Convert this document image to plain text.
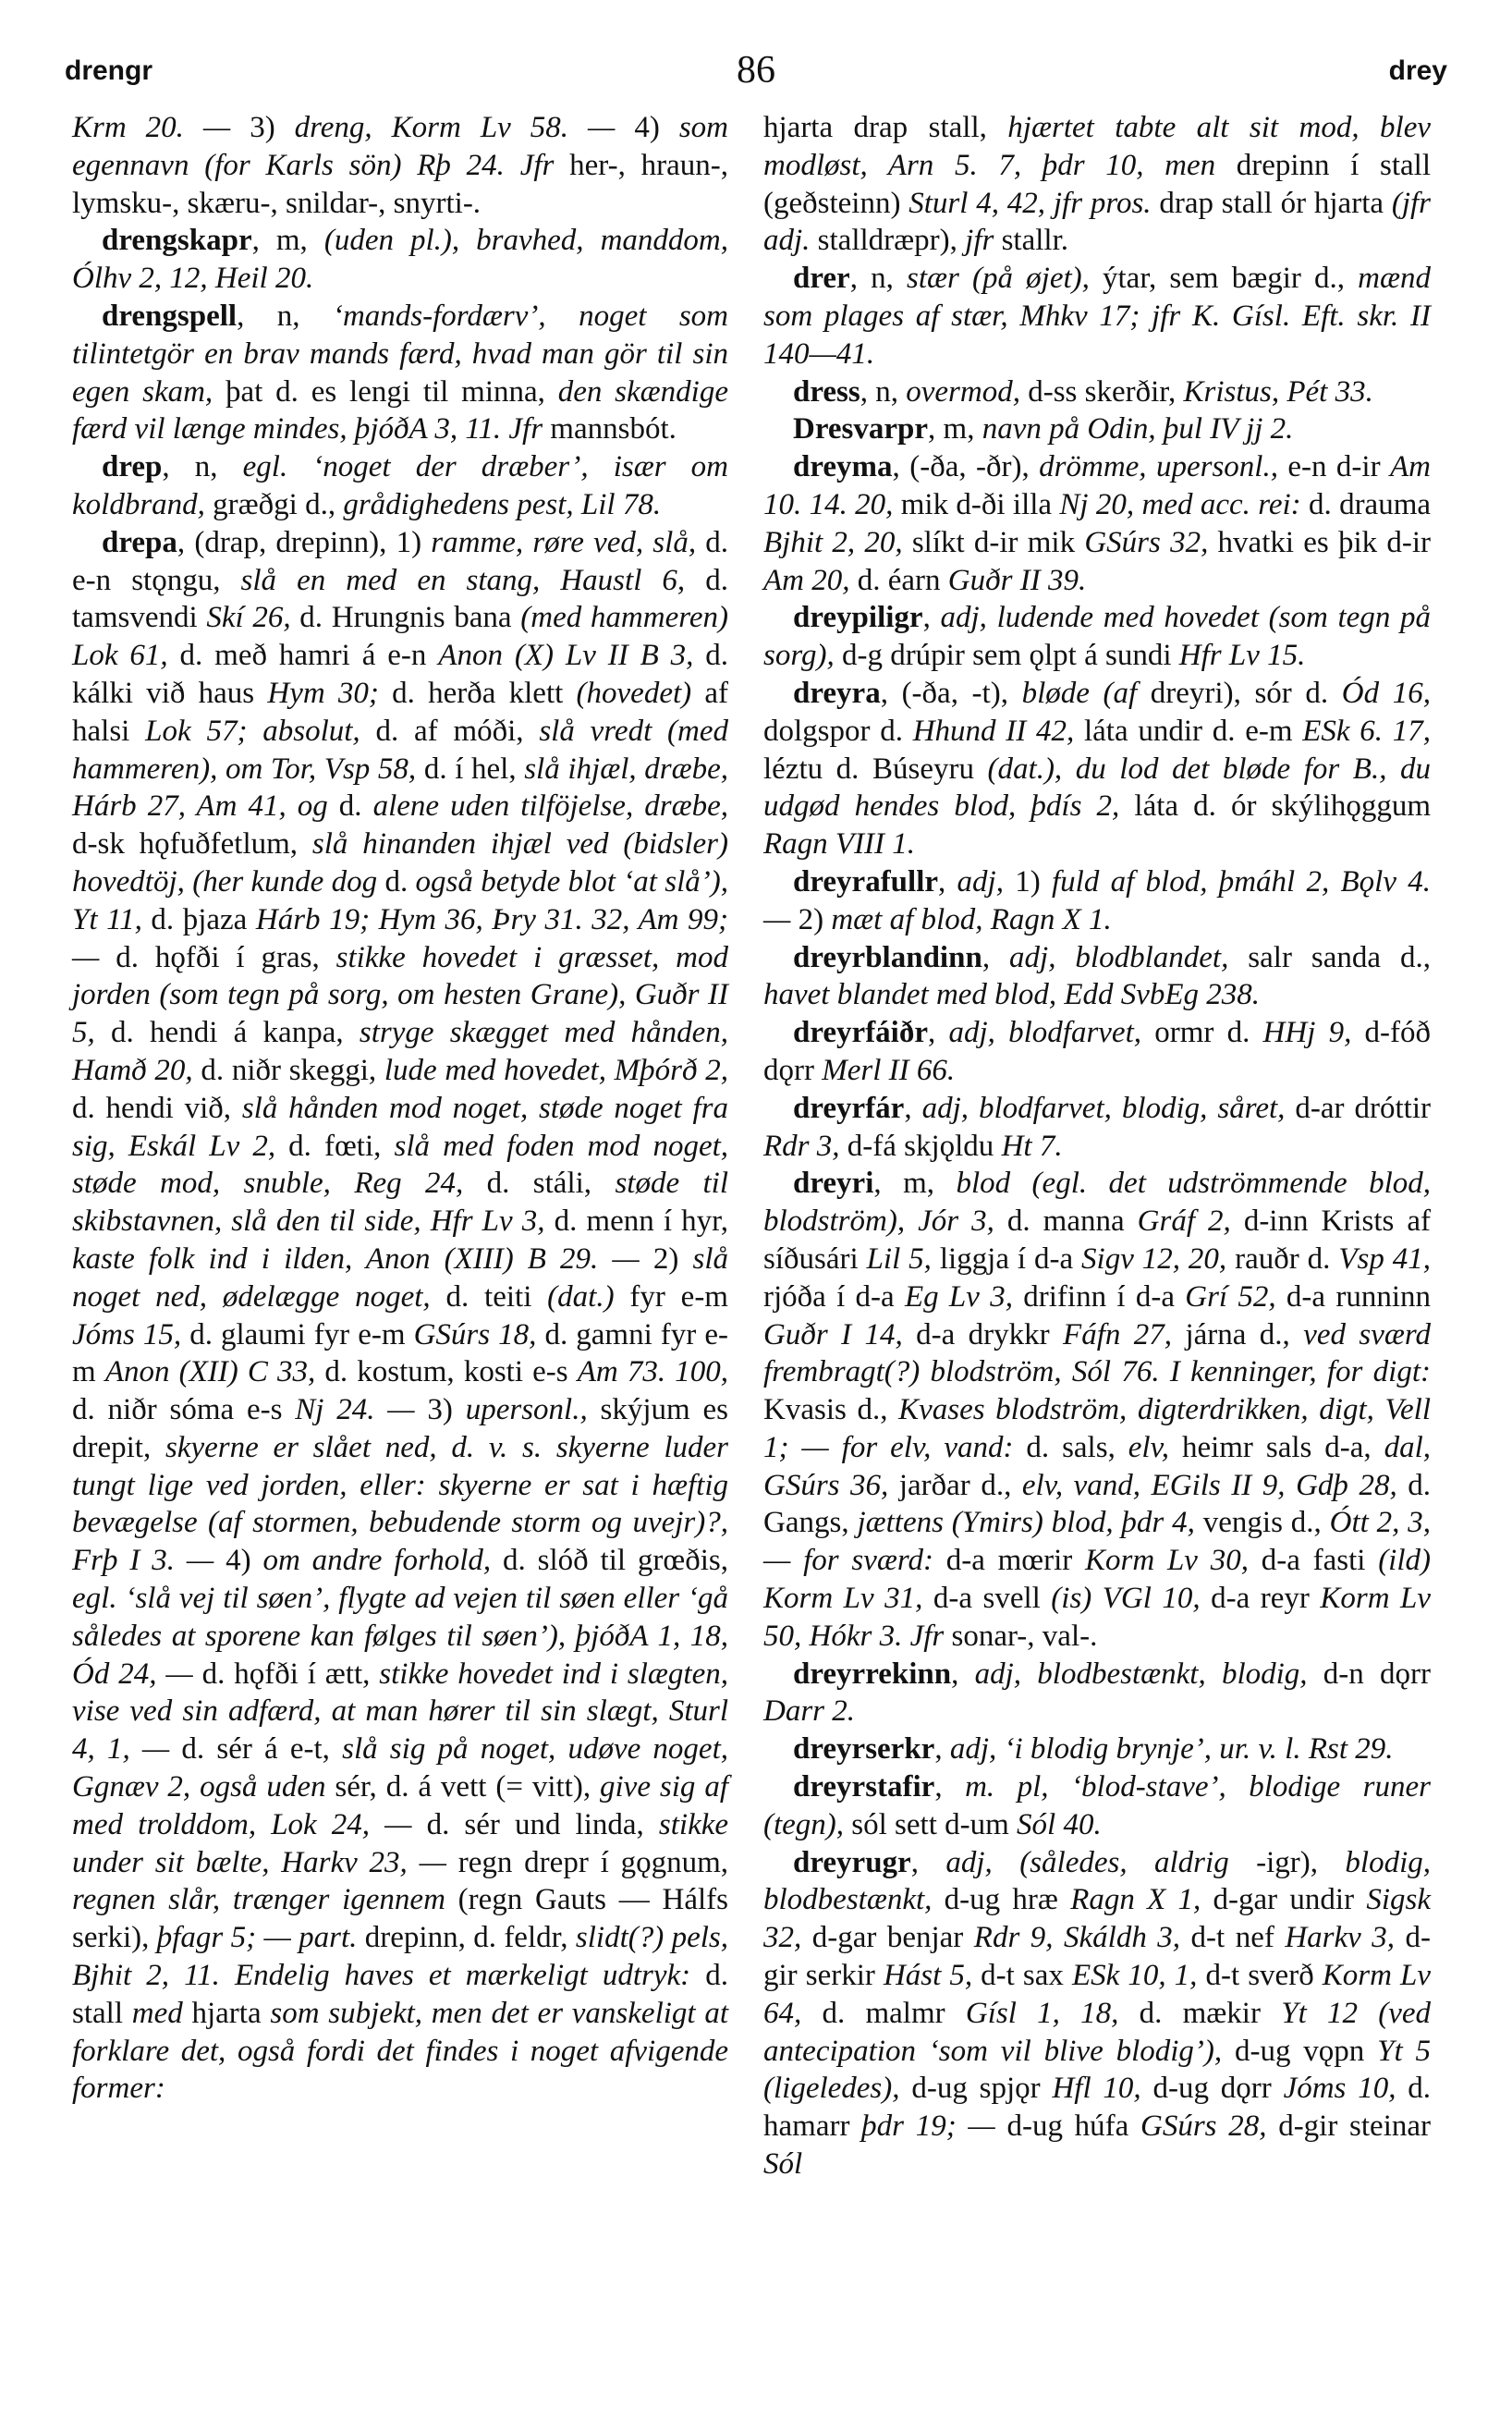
drengr	86	drey

Krm 20. — 3) dreng, Korm Lv 58. — 4) som egennavn (for Karls sön) Rþ 24. Jfr her-, hraun-, lymsku-, skæru-, snildar-, snyrti-.

drengskapr, m, (uden pl.), bravhed, manddom, Ólhv 2, 12, Heil 20.

drengspell, n, ‘mands-fordærv’, noget som tilintetgör en brav mands færd, hvad man gör til sin egen skam, þat d. es lengi til minna, den skændige færd vil længe mindes, þjóðA 3, 11. Jfr mannsbót.

drep, n, egl. ‘noget der dræber’, især om koldbrand, græðgi d., grådighedens pest, Lil 78.

drepa, (drap, drepinn), 1) ramme, røre ved, slå, d. e-n stǫngu, slå en med en stang, Haustl 6, d. tamsvendi Skí 26, d. Hrungnis bana (med hammeren) Lok 61, d. með hamri á e-n Anon (X) Lv II B 3, d. kálki við haus Hym 30; d. herða klett (hovedet) af halsi Lok 57; absolut, d. af móði, slå vredt (med hammeren), om Tor, Vsp 58, d. í hel, slå ihjæl, dræbe, Hárb 27, Am 41, og d. alene uden tilföjelse, dræbe, d-sk hǫfuðfetlum, slå hinanden ihjæl ved (bidsler) hovedtöj, (her kunde dog d. også betyde blot ‘at slå’), Yt 11, d. þjaza Hárb 19; Hym 36, Þry 31. 32, Am 99; — d. hǫfði í gras, stikke hovedet i græsset, mod jorden (som tegn på sorg, om hesten Grane), Guðr II 5, d. hendi á kanpa, stryge skægget med hånden, Hamð 20, d. niðr skeggi, lude med hovedet, Mþórð 2, d. hendi við, slå hånden mod noget, støde noget fra sig, Eskál Lv 2, d. fœti, slå med foden mod noget, støde mod, snuble, Reg 24, d. stáli, støde til skibstavnen, slå den til side, Hfr Lv 3, d. menn í hyr, kaste folk ind i ilden, Anon (XIII) B 29. — 2) slå noget ned, ødelægge noget, d. teiti (dat.) fyr e-m Jóms 15, d. glaumi fyr e-m GSúrs 18, d. gamni fyr e-m Anon (XII) C 33, d. kostum, kosti e-s Am 73. 100, d. niðr sóma e-s Nj 24. — 3) upersonl., skýjum es drepit, skyerne er slået ned, d. v. s. skyerne luder tungt lige ved jorden, eller: skyerne er sat i hæftig bevægelse (af stormen, bebudende storm og uvejr)?, Frþ I 3. — 4) om andre forhold, d. slóð til grœðis, egl. ‘slå vej til søen’, flygte ad vejen til søen eller ‘gå således at sporene kan følges til søen’), þjóðA 1, 18, Ód 24, — d. hǫfði í ætt, stikke hovedet ind i slægten, vise ved sin adfærd, at man hører til sin slægt, Sturl 4, 1, — d. sér á e-t, slå sig på noget, udøve noget, Ggnæv 2, også uden sér, d. á vett (= vitt), give sig af med trolddom, Lok 24, — d. sér und linda, stikke under sit bælte, Harkv 23, — regn drepr í gǫgnum, regnen slår, trænger igennem (regn Gauts — Hálfs serki), þfagr 5; — part. drepinn, d. feldr, slidt(?) pels, Bjhit 2, 11. Endelig haves et mærkeligt udtryk: d. stall med hjarta som subjekt, men det er vanskeligt at forklare det, også fordi det findes i noget afvigende former:

hjarta drap stall, hjærtet tabte alt sit mod, blev modløst, Arn 5. 7, þdr 10, men drepinn í stall (geðsteinn) Sturl 4, 42, jfr pros. drap stall ór hjarta (jfr adj. stalldræpr), jfr stallr.

drer, n, stær (på øjet), ýtar, sem bægir d., mænd som plages af stær, Mhkv 17; jfr K. Gísl. Eft. skr. II 140—41.

dress, n, overmod, d-ss skerðir, Kristus, Pét 33.

Dresvarpr, m, navn på Odin, þul IV jj 2.

dreyma, (-ða, -ðr), drömme, upersonl., e-n d-ir Am 10. 14. 20, mik d-ði illa Nj 20, med acc. rei: d. drauma Bjhit 2, 20, slíkt d-ir mik GSúrs 32, hvatki es þik d-ir Am 20, d. éarn Guðr II 39.

dreypiligr, adj, ludende med hovedet (som tegn på sorg), d-g drúpir sem ǫlpt á sundi Hfr Lv 15.

dreyra, (-ða, -t), bløde (af dreyri), sór d. Ód 16, dolgspor d. Hhund II 42, láta undir d. e-m ESk 6. 17, léztu d. Búseyru (dat.), du lod det bløde for B., du udgød hendes blod, þdís 2, láta d. ór skýlihǫggum Ragn VIII 1.

dreyrafullr, adj, 1) fuld af blod, þmáhl 2, Bǫlv 4. — 2) mæt af blod, Ragn X 1.

dreyrblandinn, adj, blodblandet, salr sanda d., havet blandet med blod, Edd SvbEg 238.

dreyrfáiðr, adj, blodfarvet, ormr d. HHj 9, d-fóð dǫrr Merl II 66.

dreyrfár, adj, blodfarvet, blodig, såret, d-ar dróttir Rdr 3, d-fá skjǫldu Ht 7.

dreyri, m, blod (egl. det udströmmende blod, blodström), Jór 3, d. manna Gráf 2, d-inn Krists af síðusári Lil 5, liggja í d-a Sigv 12, 20, rauðr d. Vsp 41, rjóða í d-a Eg Lv 3, drifinn í d-a Grí 52, d-a runninn Guðr I 14, d-a drykkr Fáfn 27, járna d., ved sværd frembragt(?) blodström, Sól 76. I kenninger, for digt: Kvasis d., Kvases blodström, digterdrikken, digt, Vell 1; — for elv, vand: d. sals, elv, heimr sals d-a, dal, GSúrs 36, jarðar d., elv, vand, EGils II 9, Gdþ 28, d. Gangs, jættens (Ymirs) blod, þdr 4, vengis d., Ótt 2, 3, — for sværd: d-a mœrir Korm Lv 30, d-a fasti (ild) Korm Lv 31, d-a svell (is) VGl 10, d-a reyr Korm Lv 50, Hókr 3. Jfr sonar-, val-.

dreyrrekinn, adj, blodbestænkt, blodig, d-n dǫrr Darr 2.

dreyrserkr, adj, ‘i blodig brynje’, ur. v. l. Rst 29.

dreyrstafir, m. pl, ‘blod-stave’, blodige runer (tegn), sól sett d-um Sól 40.

dreyrugr, adj, (således, aldrig -igr), blodig, blodbestænkt, d-ug hræ Ragn X 1, d-gar undir Sigsk 32, d-gar benjar Rdr 9, Skáldh 3, d-t nef Harkv 3, d-gir serkir Hást 5, d-t sax ESk 10, 1, d-t sverð Korm Lv 64, d. malmr Gísl 1, 18, d. mækir Yt 12 (ved antecipation ‘som vil blive blodig’), d-ug vǫpn Yt 5 (ligeledes), d-ug spjǫr Hfl 10, d-ug dǫrr Jóms 10, d. hamarr þdr 19; — d-ug húfa GSúrs 28, d-gir steinar Sól
